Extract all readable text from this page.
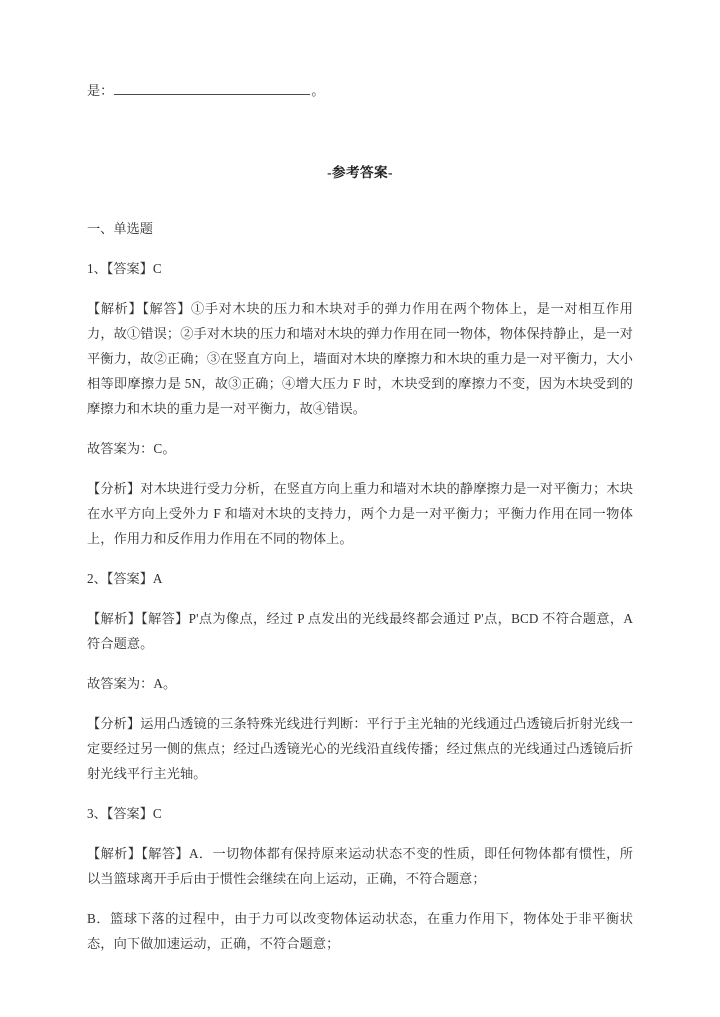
是：	。

-参考答案-

一、单选题

1、【答案】C

【解析】【解答】①手对木块的压力和木块对手的弹力作用在两个物体上，是一对相互作用力，故①错误；②手对木块的压力和墙对木块的弹力作用在同一物体，物体保持静止，是一对平衡力，故②正确；③在竖直方向上，墙面对木块的摩擦力和木块的重力是一对平衡力，大小相等即摩擦力是 5N，故③正确；④增大压力 F 时，木块受到的摩擦力不变，因为木块受到的摩擦力和木块的重力是一对平衡力，故④错误。

故答案为：C。

【分析】对木块进行受力分析，在竖直方向上重力和墙对木块的静摩擦力是一对平衡力；木块在水平方向上受外力 F 和墙对木块的支持力，两个力是一对平衡力；平衡力作用在同一物体上，作用力和反作用力作用在不同的物体上。

2、【答案】A

【解析】【解答】P'点为像点，经过 P 点发出的光线最终都会通过 P'点，BCD 不符合题意，A 符合题意。

故答案为：A。

【分析】运用凸透镜的三条特殊光线进行判断：平行于主光轴的光线通过凸透镜后折射光线一定要经过另一侧的焦点；经过凸透镜光心的光线沿直线传播；经过焦点的光线通过凸透镜后折射光线平行主光轴。

3、【答案】C

【解析】【解答】A．一切物体都有保持原来运动状态不变的性质，即任何物体都有惯性，所以当篮球离开手后由于惯性会继续在向上运动，正确，不符合题意；

B．篮球下落的过程中，由于力可以改变物体运动状态，在重力作用下，物体处于非平衡状态，向下做加速运动，正确，不符合题意；
